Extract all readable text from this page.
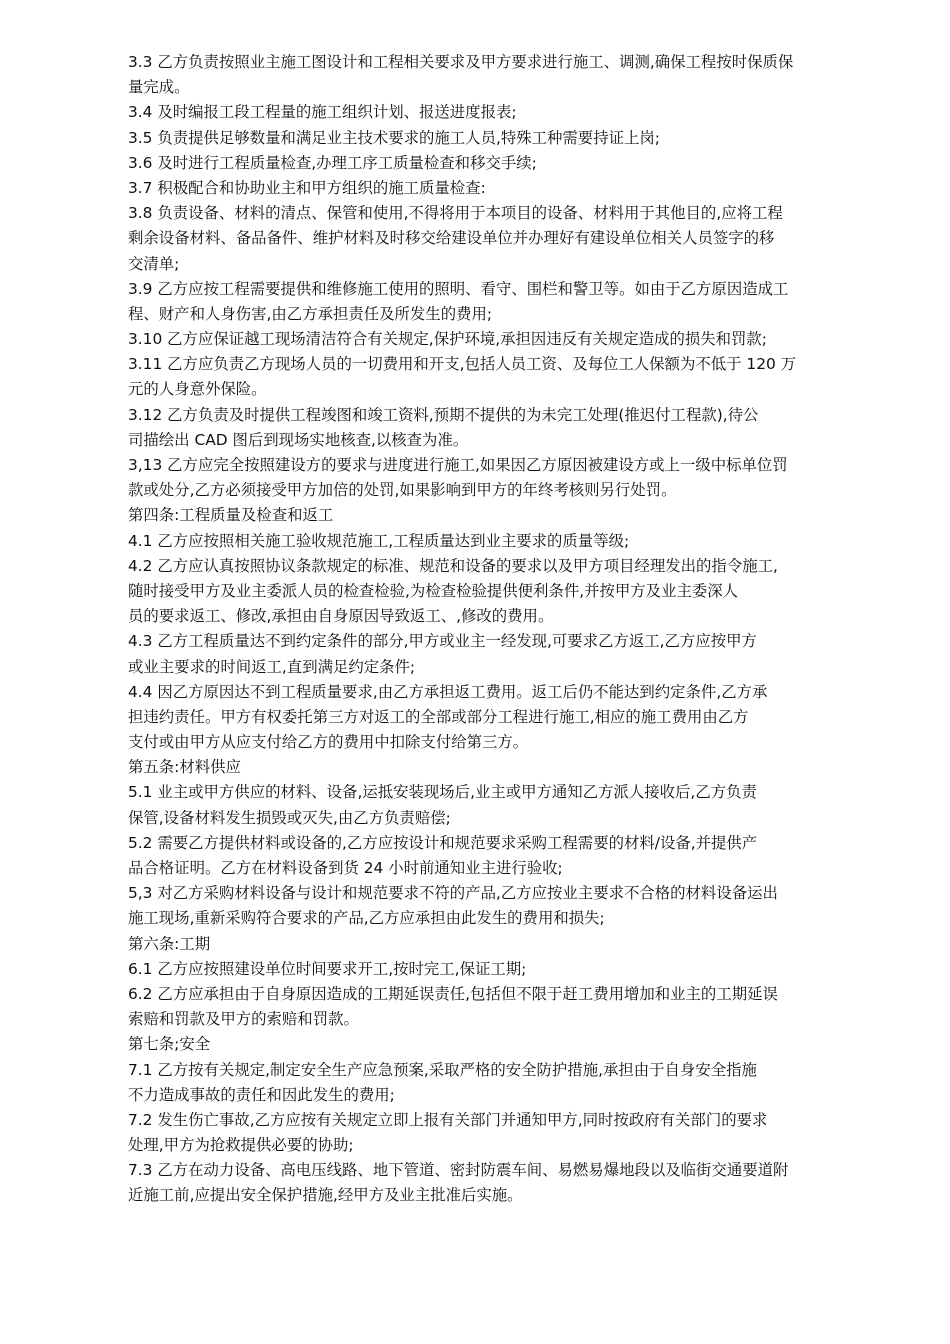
3.3 乙方负责按照业主施工图设计和工程相关要求及甲方要求进行施工、调测,确保工程按时保质保
量完成。
3.4 及时编报工段工程量的施工组织计划、报送进度报表;
3.5 负责提供足够数量和满足业主技术要求的施工人员,特殊工种需要持证上岗;
3.6 及时进行工程质量检查,办理工序工质量检查和移交手续;
3.7 积极配合和协助业主和甲方组织的施工质量检查:
3.8 负责设备、材料的清点、保管和使用,不得将用于本项目的设备、材料用于其他目的,应将工程
剩余设备材料、备品备件、维护材料及时移交给建设单位并办理好有建设单位相关人员签字的移
交清单;
3.9 乙方应按工程需要提供和维修施工使用的照明、看守、围栏和警卫等。如由于乙方原因造成工
程、财产和人身伤害,由乙方承担责任及所发生的费用;
3.10 乙方应保证越工现场清洁符合有关规定,保护环境,承担因违反有关规定造成的损失和罚款;
3.11 乙方应负责乙方现场人员的一切费用和开支,包括人员工资、及每位工人保额为不低于 120 万
元的人身意外保险。
3.12 乙方负责及时提供工程竣图和竣工资料,预期不提供的为未完工处理(推迟付工程款),待公
司描绘出 CAD 图后到现场实地核查,以核查为准。
3,13 乙方应完全按照建设方的要求与进度进行施工,如果因乙方原因被建设方或上一级中标单位罚
款或处分,乙方必须接受甲方加倍的处罚,如果影响到甲方的年终考核则另行处罚。
第四条:工程质量及检查和返工
4.1 乙方应按照相关施工验收规范施工,工程质量达到业主要求的质量等级;
4.2 乙方应认真按照协议条款规定的标准、规范和设备的要求以及甲方项目经理发出的指令施工,
随时接受甲方及业主委派人员的检查检验,为检查检验提供便利条件,并按甲方及业主委深人
员的要求返工、修改,承担由自身原因导致返工、,修改的费用。
4.3 乙方工程质量达不到约定条件的部分,甲方或业主一经发现,可要求乙方返工,乙方应按甲方
或业主要求的时间返工,直到满足约定条件;
4.4 因乙方原因达不到工程质量要求,由乙方承担返工费用。返工后仍不能达到约定条件,乙方承
担违约责任。甲方有权委托第三方对返工的全部或部分工程进行施工,相应的施工费用由乙方
支付或由甲方从应支付给乙方的费用中扣除支付给第三方。
第五条:材料供应
5.1 业主或甲方供应的材料、设备,运抵安装现场后,业主或甲方通知乙方派人接收后,乙方负责
保管,设备材料发生损毁或灭失,由乙方负责赔偿;
5.2 需要乙方提供材料或设备的,乙方应按设计和规范要求采购工程需要的材料/设备,并提供产
品合格证明。乙方在材料设备到货 24 小时前通知业主进行验收;
5,3 对乙方采购材料设备与设计和规范要求不符的产品,乙方应按业主要求不合格的材料设备运出
施工现场,重新采购符合要求的产品,乙方应承担由此发生的费用和损失;
第六条:工期
6.1 乙方应按照建设单位时间要求开工,按时完工,保证工期;
6.2 乙方应承担由于自身原因造成的工期延误责任,包括但不限于赶工费用增加和业主的工期延误
索赔和罚款及甲方的索赔和罚款。
第七条;安全
7.1 乙方按有关规定,制定安全生产应急预案,采取严格的安全防护措施,承担由于自身安全指施
不力造成事故的责任和因此发生的费用;
7.2 发生伤亡事故,乙方应按有关规定立即上报有关部门并通知甲方,同时按政府有关部门的要求
处理,甲方为抢救提供必要的协助;
7.3 乙方在动力设备、高电压线路、地下管道、密封防震车间、易燃易爆地段以及临街交通要道附
近施工前,应提出安全保护措施,经甲方及业主批准后实施。
